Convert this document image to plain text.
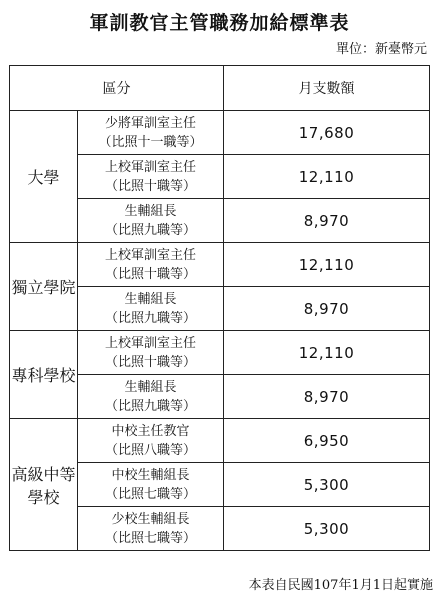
軍訓教官主管職務加給標準表
單位：新臺幣元
區分		月支數額
大學	少將軍訓室主任
（比照十一職等）	17,680

	上校軍訓室主任
（比照十職等）	12,110

	生輔組長
（比照九職等）	8,970
獨立學院	上校軍訓室主任
（比照十職等）	12,110

	生輔組長
（比照九職等）	8,970
專科學校	上校軍訓室主任
（比照十職等）	12,110

	生輔組長
（比照九職等）	8,970
高級中等學校	中校主任教官
（比照八職等）	6,950

	中校生輔組長
（比照七職等）	5,300

	少校生輔組長
（比照七職等）	5,300
本表自民國107年1月1日起實施
